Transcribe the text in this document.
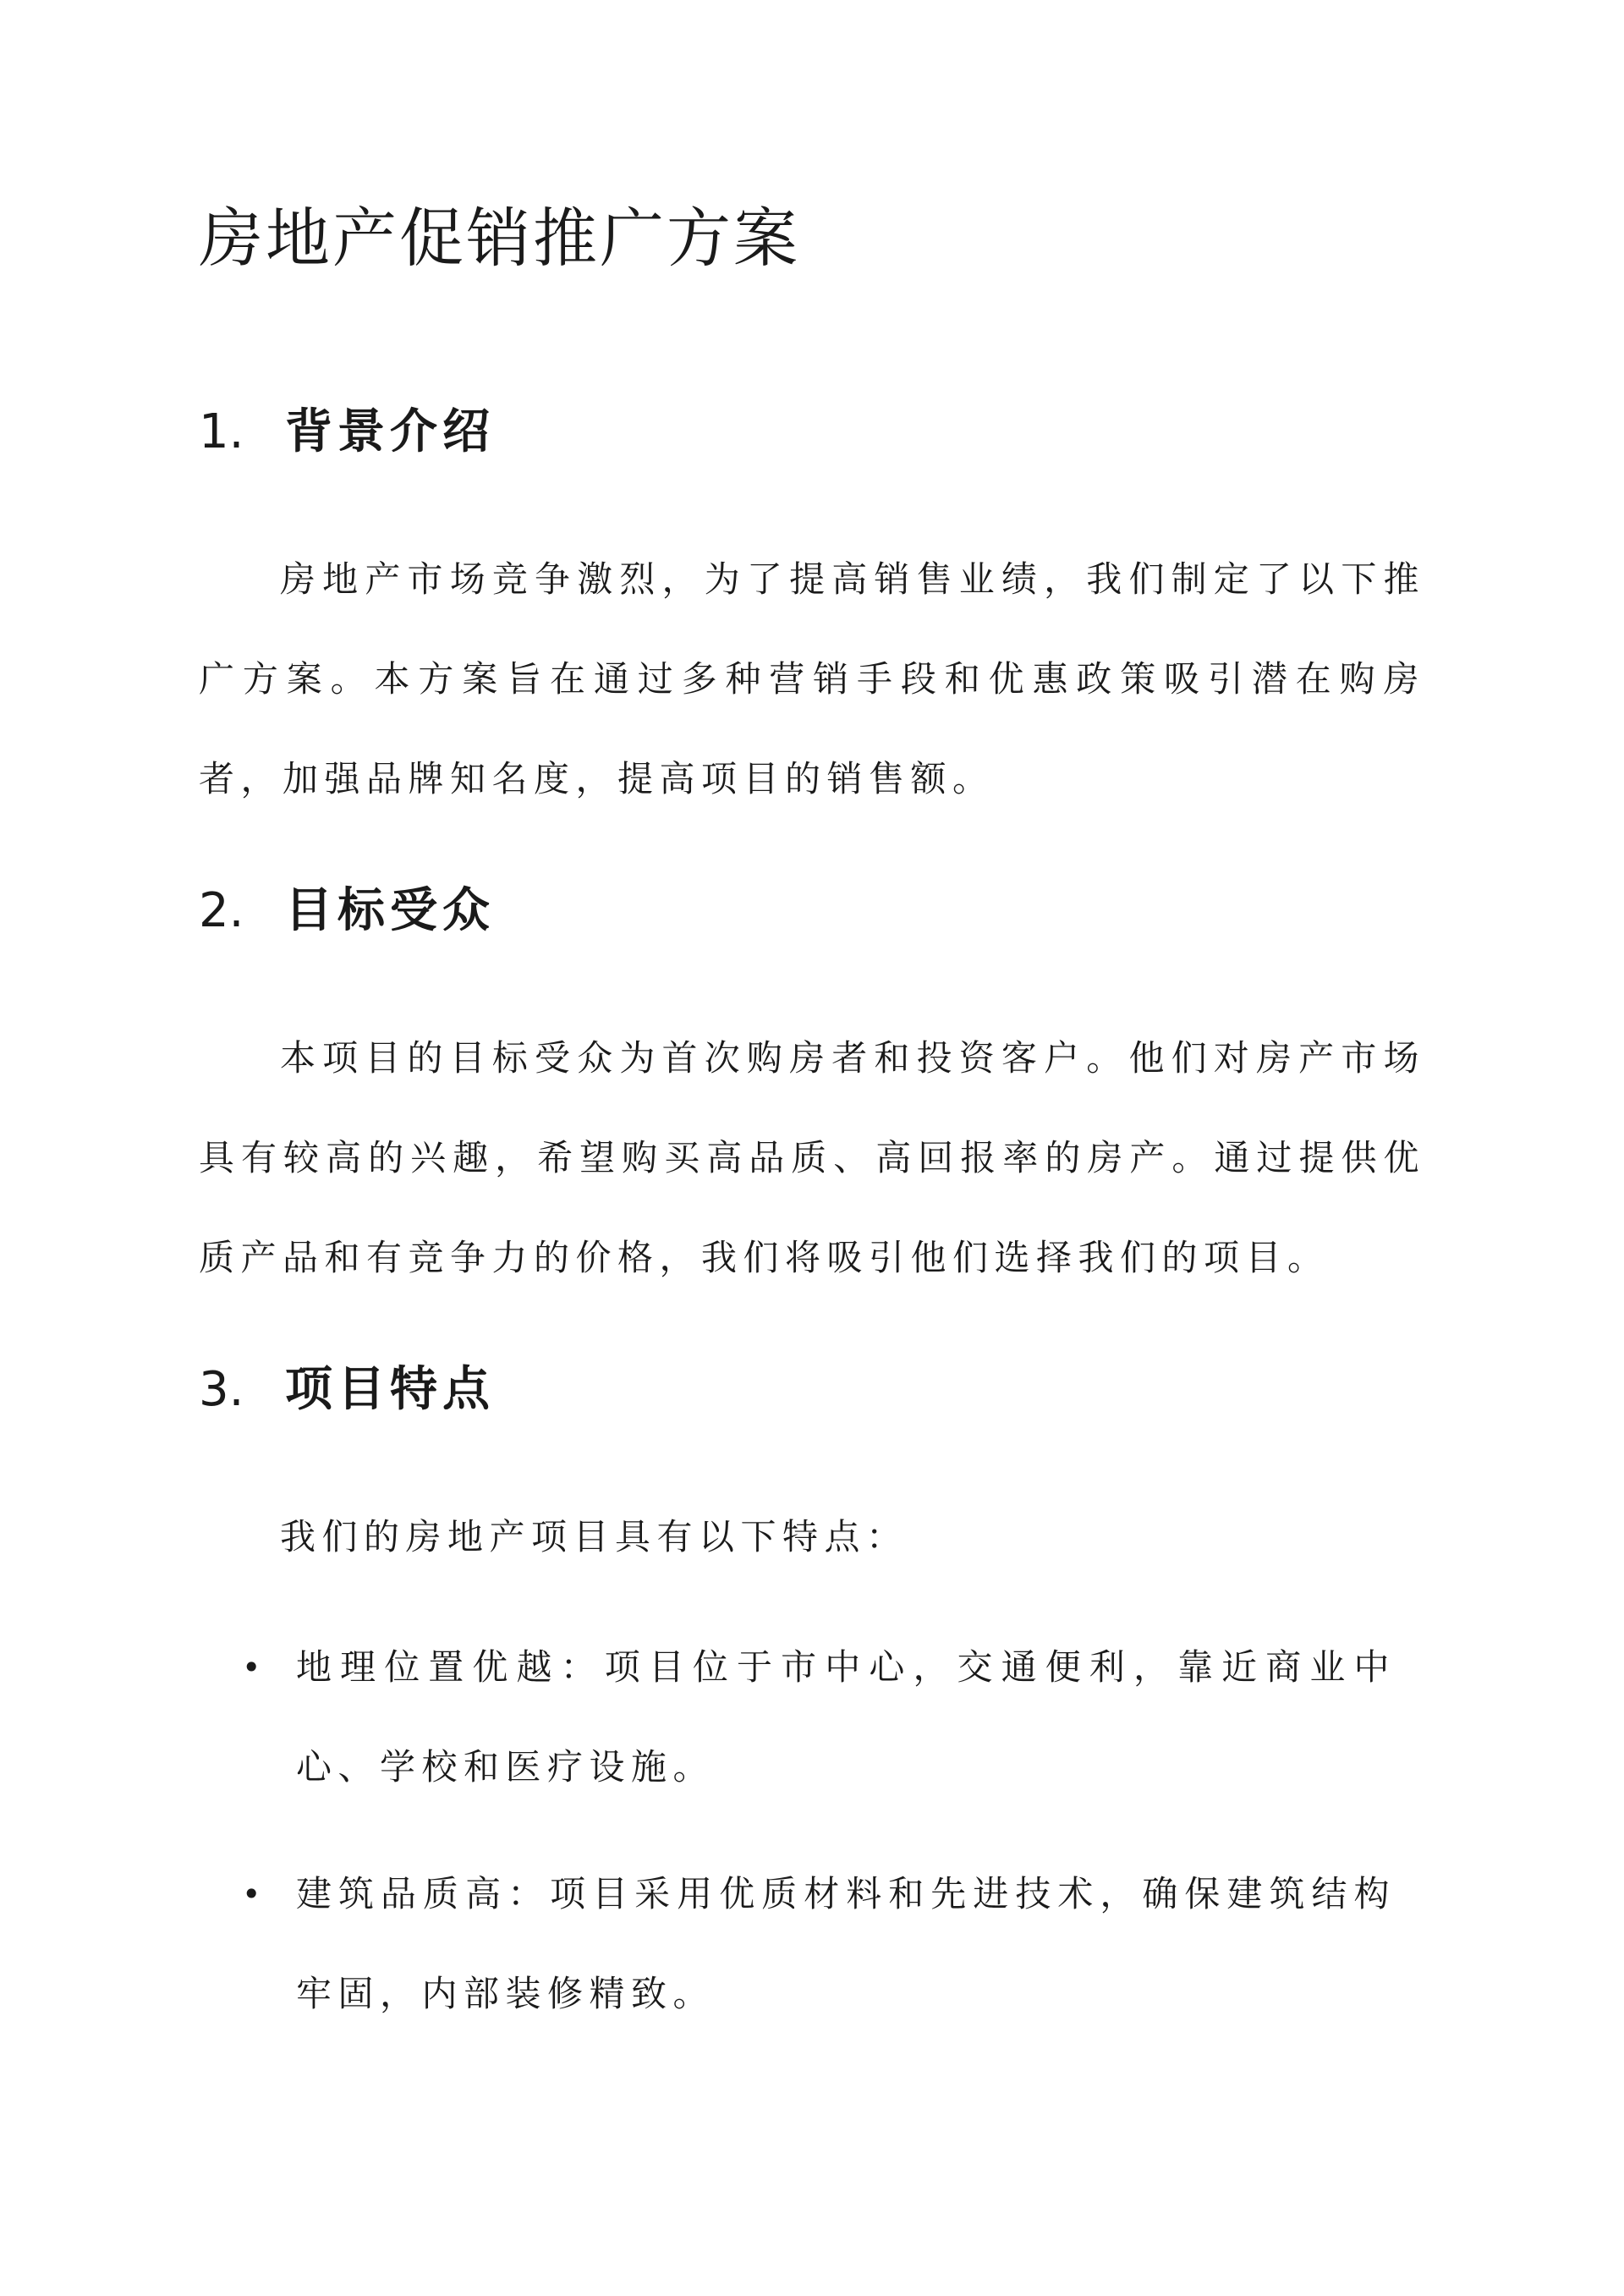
房地产促销推广方案
1. 背景介绍

房地产市场竞争激烈，为了提高销售业绩，我们制定了以下推广方案。本方案旨在通过多种营销手段和优惠政策吸引潜在购房者，加强品牌知名度，提高项目的销售额。

2. 目标受众

本项目的目标受众为首次购房者和投资客户。他们对房产市场具有较高的兴趣，希望购买高品质、高回报率的房产。通过提供优质产品和有竞争力的价格，我们将吸引他们选择我们的项目。

3. 项目特点

我们的房地产项目具有以下特点：

• 地理位置优越：项目位于市中心，交通便利，靠近商业中心、学校和医疗设施。
• 建筑品质高：项目采用优质材料和先进技术，确保建筑结构牢固，内部装修精致。
